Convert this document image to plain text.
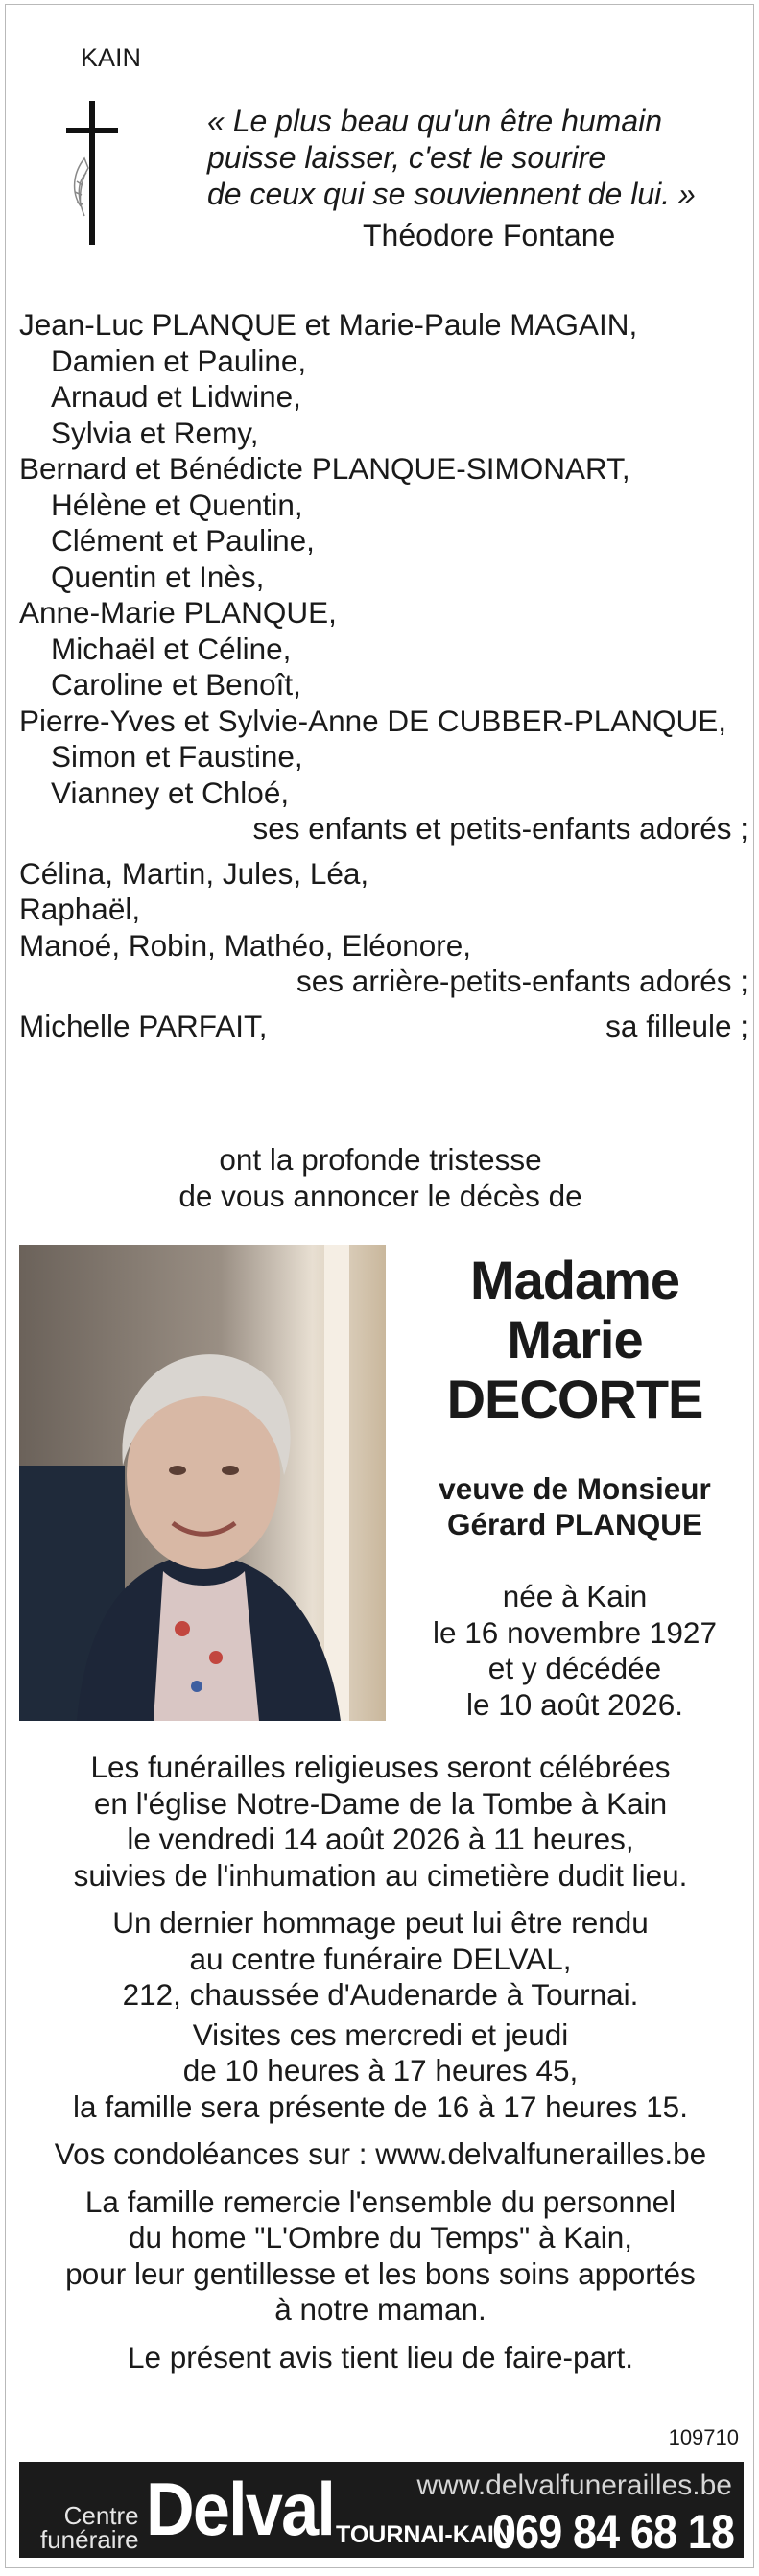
KAIN
« Le plus beau qu'un être humain
puisse laisser, c'est le sourire
de ceux qui se souviennent de lui. »
Théodore Fontane
Jean-Luc PLANQUE et Marie-Paule MAGAIN,
Damien et Pauline,
Arnaud et Lidwine,
Sylvia et Remy,
Bernard et Bénédicte PLANQUE-SIMONART,
Hélène et Quentin,
Clément et Pauline,
Quentin et Inès,
Anne-Marie PLANQUE,
Michaël et Céline,
Caroline et Benoît,
Pierre-Yves et Sylvie-Anne DE CUBBER-PLANQUE,
Simon et Faustine,
Vianney et Chloé,
ses enfants et petits-enfants adorés ;
Célina, Martin, Jules, Léa,
Raphaël,
Manoé, Robin, Mathéo, Eléonore,
ses arrière-petits-enfants adorés ;
Michelle PARFAIT,	sa filleule ;
ont la profonde tristesse
de vous annoncer le décès de
Madame
Marie
DECORTE
veuve de Monsieur
Gérard PLANQUE
née à Kain
le 16 novembre 1927
et y décédée
le 10 août 2026.
Les funérailles religieuses seront célébrées
en l'église Notre-Dame de la Tombe à Kain
le vendredi 14 août 2026 à 11 heures,
suivies de l'inhumation au cimetière dudit lieu.
Un dernier hommage peut lui être rendu
au centre funéraire DELVAL,
212, chaussée d'Audenarde à Tournai.
Visites ces mercredi et jeudi
de 10 heures à 17 heures 45,
la famille sera présente de 16 à 17 heures 15.
Vos condoléances sur : www.delvalfunerailles.be
La famille remercie l'ensemble du personnel
du home "L'Ombre du Temps" à Kain,
pour leur gentillesse et les bons soins apportés
à notre maman.
Le présent avis tient lieu de faire-part.
109710
Centre
funéraire Delval	www.delvalfunerailles.be
TOURNAI-KAIN
069 84 68 18
